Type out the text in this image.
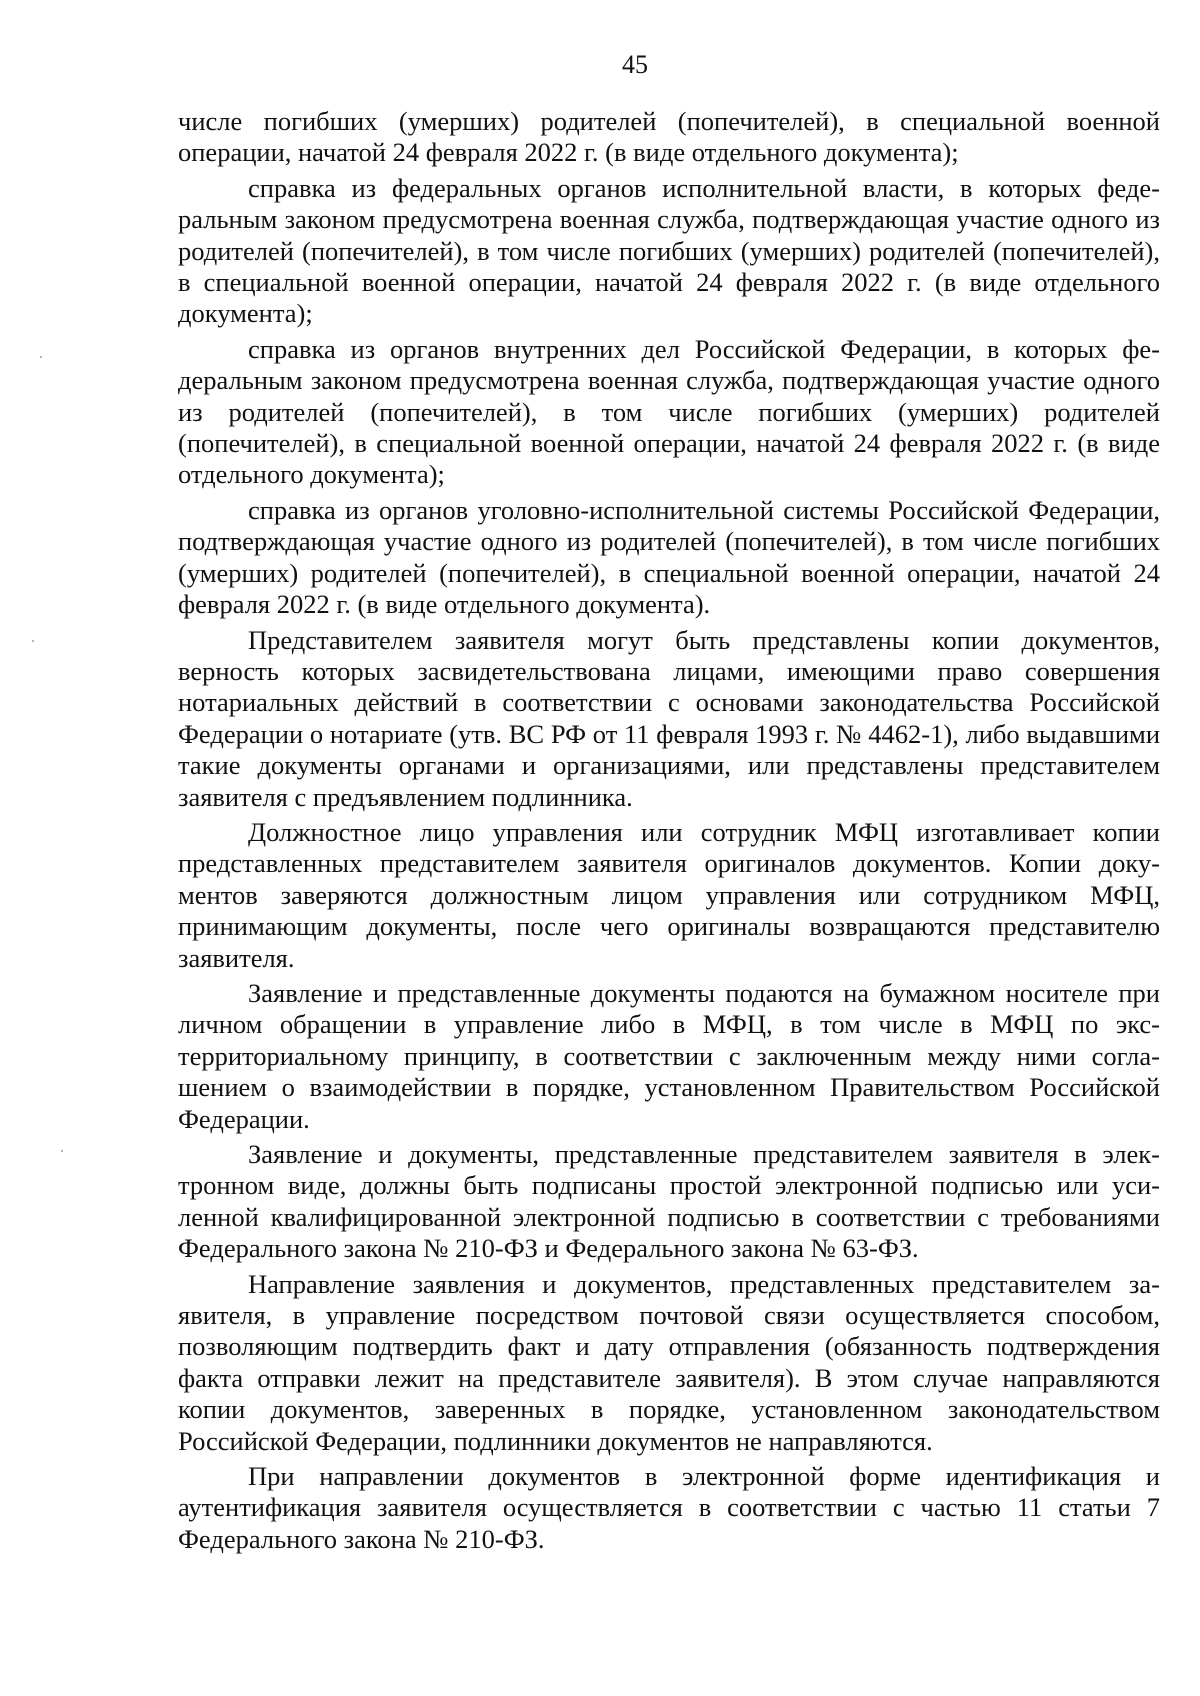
45

числе погибших (умерших) родителей (попечителей), в специальной военной операции, начатой 24 февраля 2022 г. (в виде отдельного документа);

справка из федеральных органов исполнительной власти, в которых федеральным законом предусмотрена военная служба, подтверждающая участие одного из родителей (попечителей), в том числе погибших (умерших) родителей (попечителей), в специальной военной операции, начатой 24 февраля 2022 г. (в виде отдельного документа);

справка из органов внутренних дел Российской Федерации, в которых федеральным законом предусмотрена военная служба, подтверждающая участие одного из родителей (попечителей), в том числе погибших (умерших) родителей (попечителей), в специальной военной операции, начатой 24 февраля 2022 г. (в виде отдельного документа);

справка из органов уголовно-исполнительной системы Российской Федерации, подтверждающая участие одного из родителей (попечителей), в том числе погибших (умерших) родителей (попечителей), в специальной военной операции, начатой 24 февраля 2022 г. (в виде отдельного документа).

Представителем заявителя могут быть представлены копии документов, верность которых засвидетельствована лицами, имеющими право совершения нотариальных действий в соответствии с основами законодательства Российской Федерации о нотариате (утв. ВС РФ от 11 февраля 1993 г. № 4462-1), либо выдавшими такие документы органами и организациями, или представлены представителем заявителя с предъявлением подлинника.

Должностное лицо управления или сотрудник МФЦ изготавливает копии представленных представителем заявителя оригиналов документов. Копии документов заверяются должностным лицом управления или сотрудником МФЦ, принимающим документы, после чего оригиналы возвращаются представителю заявителя.

Заявление и представленные документы подаются на бумажном носителе при личном обращении в управление либо в МФЦ, в том числе в МФЦ по экстерриториальному принципу, в соответствии с заключенным между ними соглашением о взаимодействии в порядке, установленном Правительством Российской Федерации.

Заявление и документы, представленные представителем заявителя в электронном виде, должны быть подписаны простой электронной подписью или усиленной квалифицированной электронной подписью в соответствии с требованиями Федерального закона № 210-ФЗ и Федерального закона № 63-ФЗ.

Направление заявления и документов, представленных представителем заявителя, в управление посредством почтовой связи осуществляется способом, позволяющим подтвердить факт и дату отправления (обязанность подтверждения факта отправки лежит на представителе заявителя). В этом случае направляются копии документов, заверенных в порядке, установленном законодательством Российской Федерации, подлинники документов не направляются.

При направлении документов в электронной форме идентификация и аутентификация заявителя осуществляется в соответствии с частью 11 статьи 7 Федерального закона № 210-ФЗ.
